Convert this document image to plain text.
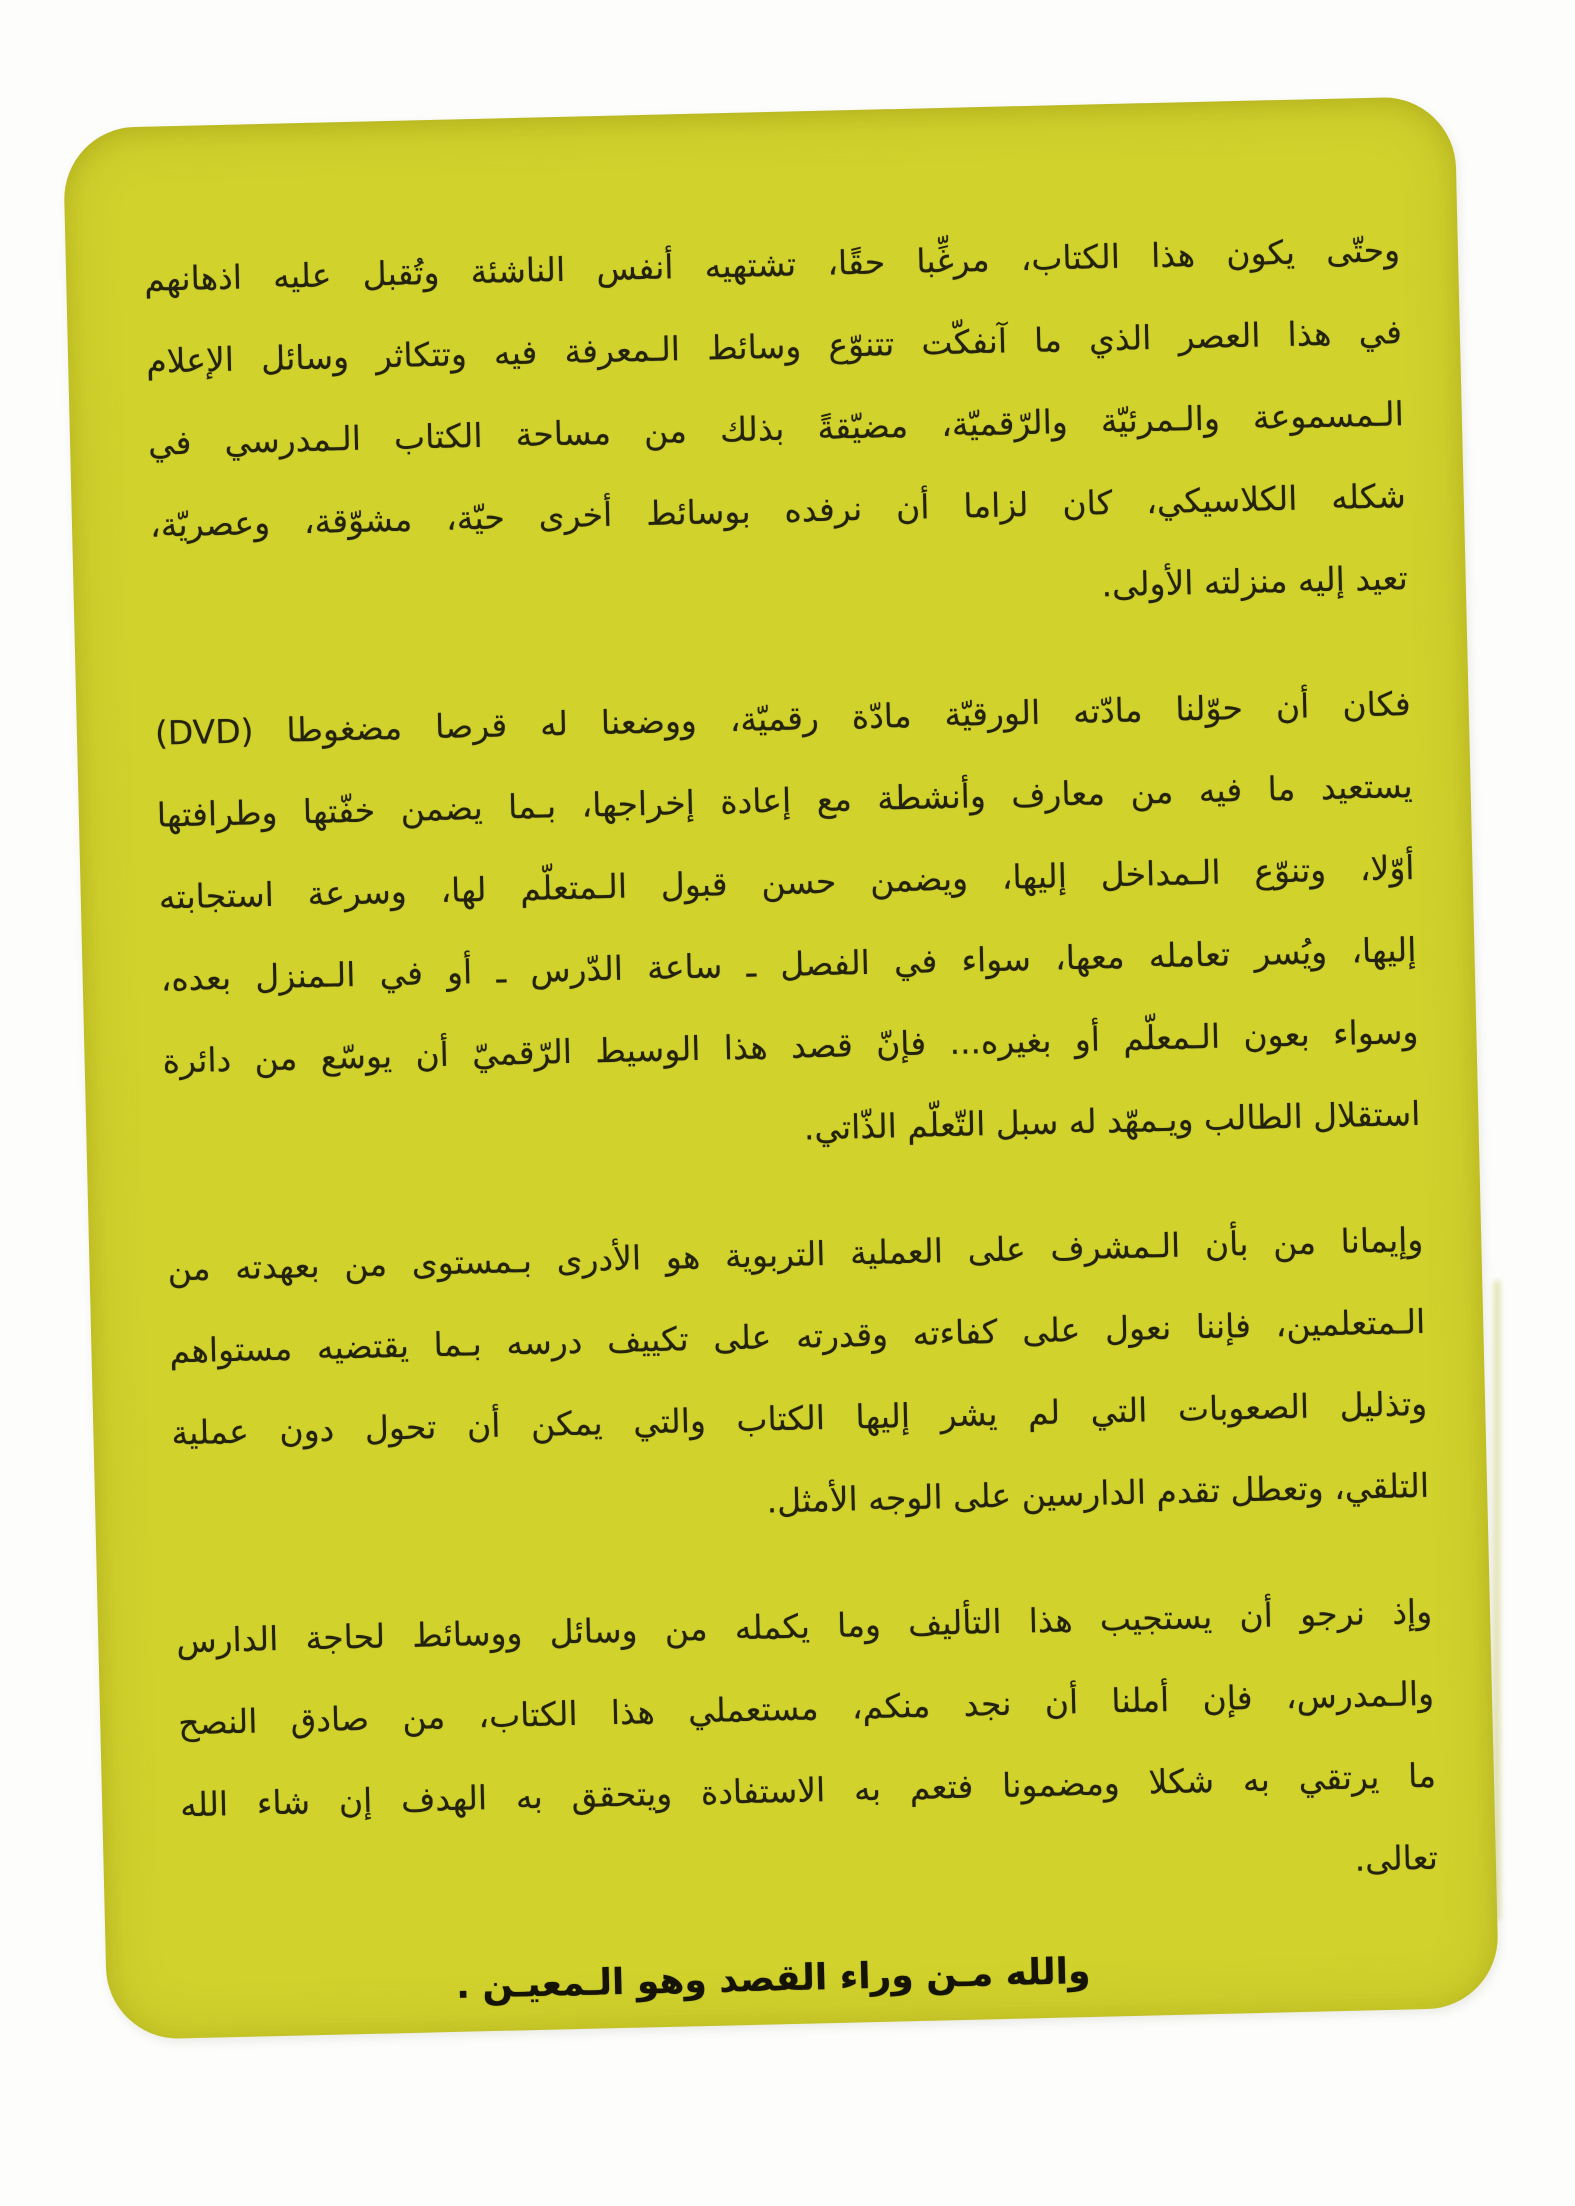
وحتّى يكون هذا الكتاب، مرغِّبا حقًا، تشتهيه أنفس الناشئة وتُقبل عليه اذهانهم
في هذا العصر الذي ما آنفكّت تتنوّع وسائط الـمعرفة فيه وتتكاثر وسائل الإعلام
الـمسموعة والـمرئيّة والرّقميّة، مضيّقةً بذلك من مساحة الكتاب الـمدرسي في
شكله الكلاسيكي، كان لزاما أن نرفده بوسائط أخرى حيّة، مشوّقة، وعصريّة،
تعيد إليه منزلته الأولى.
فكان أن حوّلنا مادّته الورقيّة مادّة رقميّة، ووضعنا له قرصا مضغوطا (DVD)
يستعيد ما فيه من معارف وأنشطة مع إعادة إخراجها، بـما يضمن خفّتها وطرافتها
أوّلا، وتنوّع الـمداخل إليها، ويضمن حسن قبول الـمتعلّم لها، وسرعة استجابته
إليها، ويُسر تعامله معها، سواء في الفصل ـ ساعة الدّرس ـ أو في الـمنزل بعده،
وسواء بعون الـمعلّم أو بغيره... فإنّ قصد هذا الوسيط الرّقميّ أن يوسّع من دائرة
استقلال الطالب ويـمهّد له سبل التّعلّم الذّاتي.
وإيمانا من بأن الـمشرف على العملية التربوية هو الأدرى بـمستوى من بعهدته من
الـمتعلمين، فإننا نعول على كفاءته وقدرته على تكييف درسه بـما يقتضيه مستواهم
وتذليل الصعوبات التي لم يشر إليها الكتاب والتي يمكن أن تحول دون عملية
التلقي، وتعطل تقدم الدارسين على الوجه الأمثل.
وإذ نرجو أن يستجيب هذا التأليف وما يكمله من وسائل ووسائط لحاجة الدارس
والـمدرس، فإن أملنا أن نجد منكم، مستعملي هذا الكتاب، من صادق النصح
ما يرتقي به شكلا ومضمونا فتعم به الاستفادة ويتحقق به الهدف إن شاء الله
تعالى.
والله مـن وراء القصد وهو الـمعيـن .
